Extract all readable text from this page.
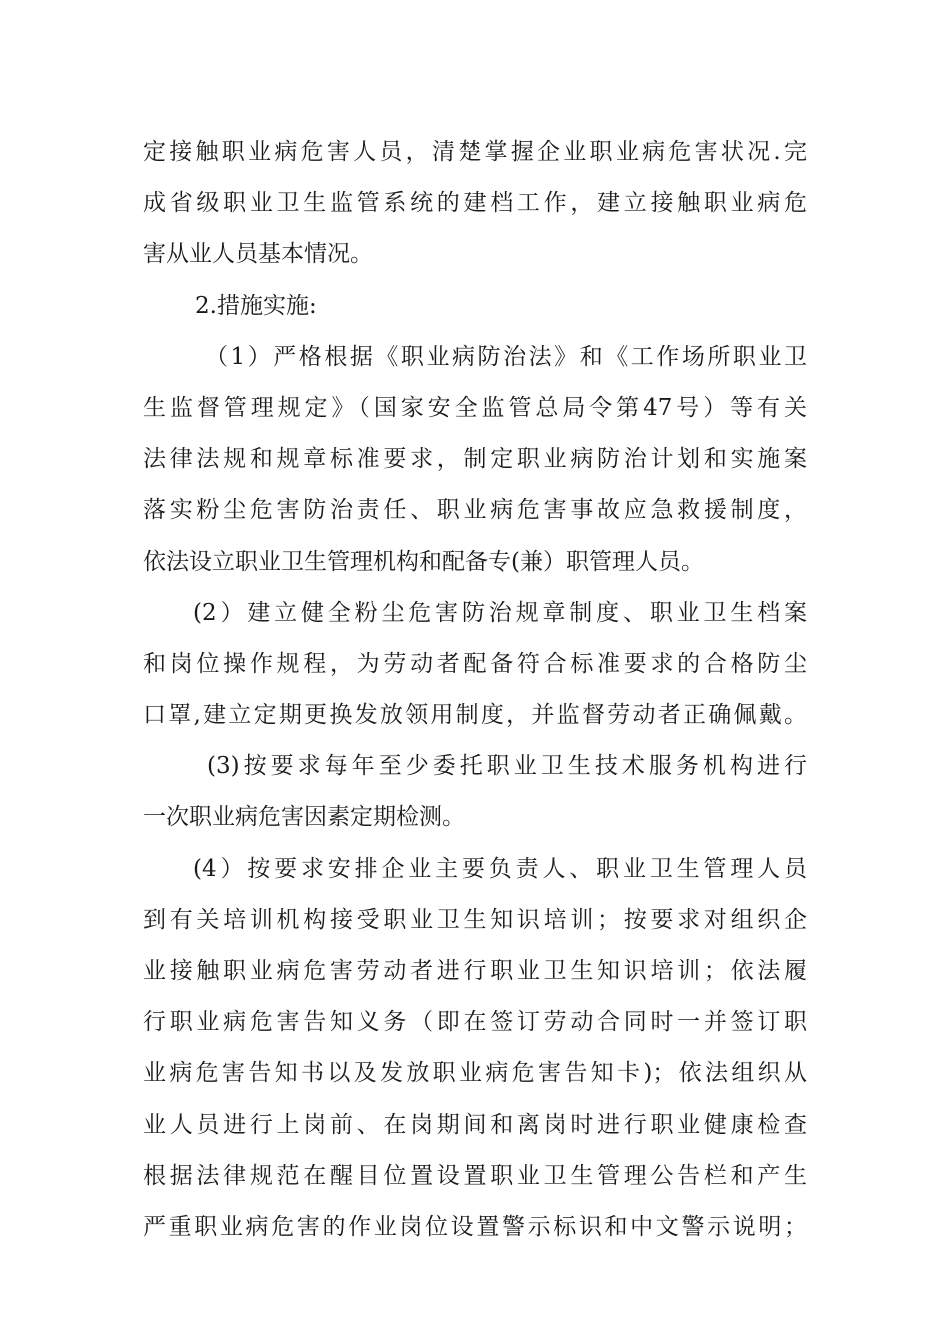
定接触职业病危害人员，清楚掌握企业职业病危害状况.完
成省级职业卫生监管系统的建档工作，建立接触职业病危
害从业人员基本情况。
2.措施实施:
（1）严格根据《职业病防治法》和《工作场所职业卫
生监督管理规定》（国家安全监管总局令第47号）等有关
法律法规和规章标准要求，制定职业病防治计划和实施案
落实粉尘危害防治责任、职业病危害事故应急救援制度，
依法设立职业卫生管理机构和配备专(兼）职管理人员。
(2）建立健全粉尘危害防治规章制度、职业卫生档案
和岗位操作规程，为劳动者配备符合标准要求的合格防尘
口罩,建立定期更换发放领用制度，并监督劳动者正确佩戴。
(3)按要求每年至少委托职业卫生技术服务机构进行
一次职业病危害因素定期检测。
(4）按要求安排企业主要负责人、职业卫生管理人员
到有关培训机构接受职业卫生知识培训；按要求对组织企
业接触职业病危害劳动者进行职业卫生知识培训；依法履
行职业病危害告知义务（即在签订劳动合同时一并签订职
业病危害告知书以及发放职业病危害告知卡)；依法组织从
业人员进行上岗前、在岗期间和离岗时进行职业健康检查
根据法律规范在醒目位置设置职业卫生管理公告栏和产生
严重职业病危害的作业岗位设置警示标识和中文警示说明；
